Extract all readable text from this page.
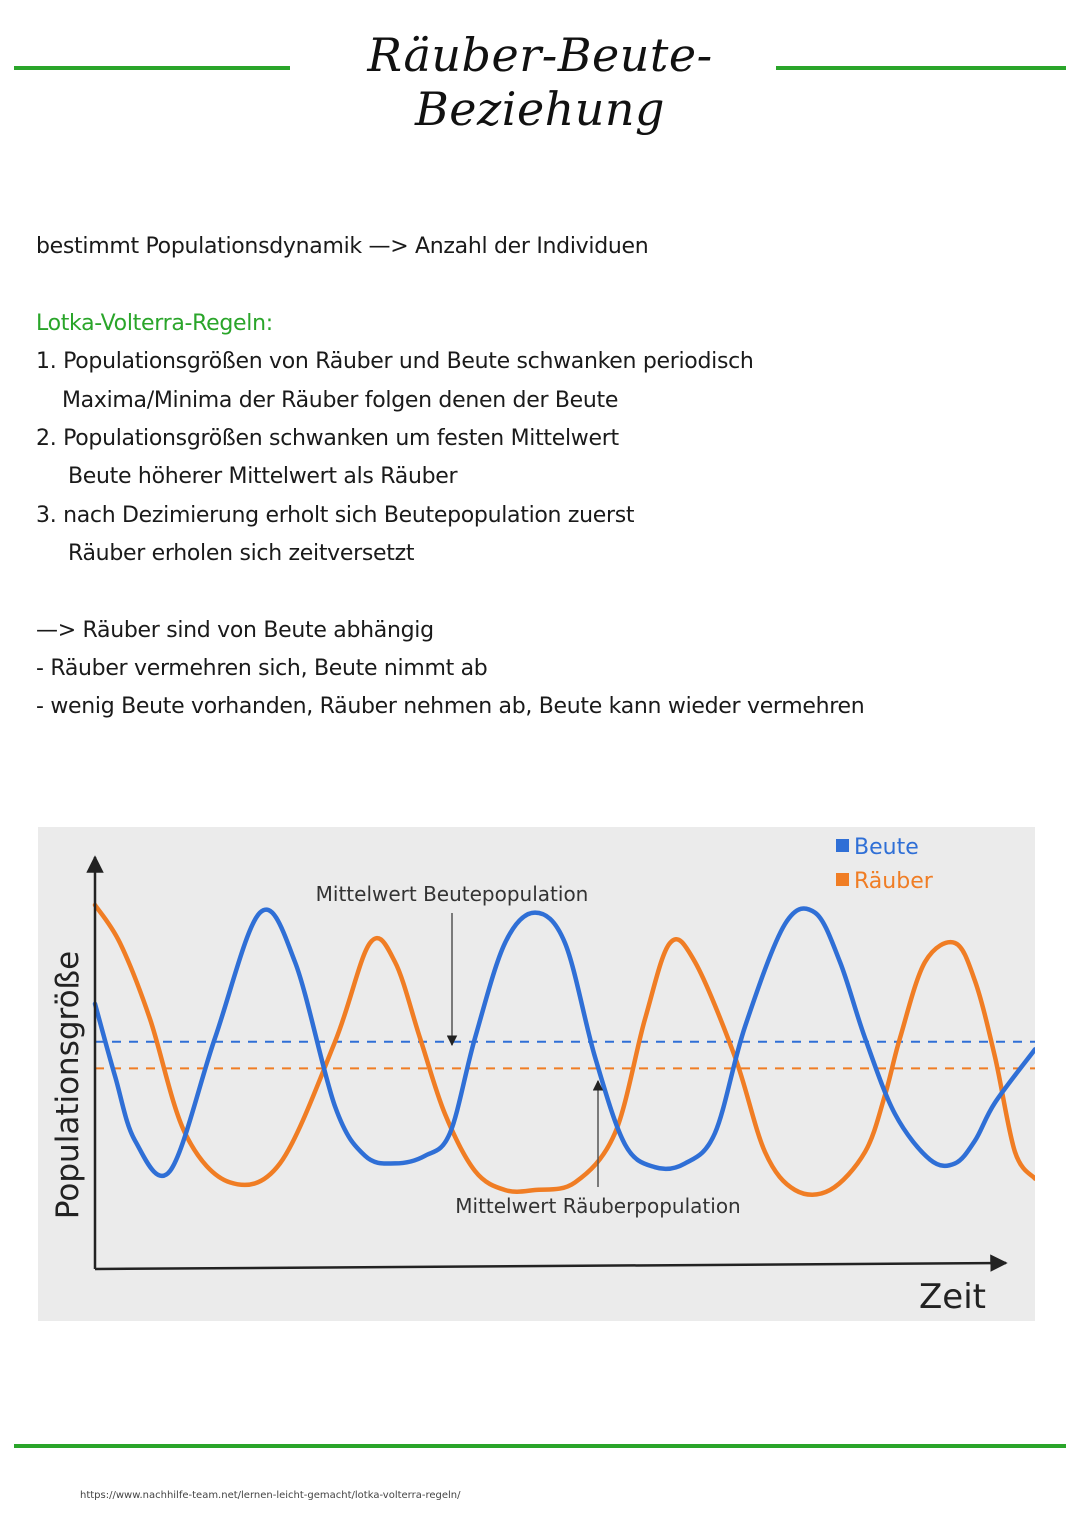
Räuber-Beute-Beziehung
bestimmt Populationsdynamik —> Anzahl der Individuen
Lotka-Volterra-Regeln:
1. Populationsgrößen von Räuber und Beute schwanken periodisch
Maxima/Minima der Räuber folgen denen der Beute
2. Populationsgrößen schwanken um festen Mittelwert
Beute höherer Mittelwert als Räuber
3. nach Dezimierung erholt sich Beutepopulation zuerst
Räuber erholen sich zeitversetzt
—> Räuber sind von Beute abhängig
- Räuber vermehren sich, Beute nimmt ab
- wenig Beute vorhanden, Räuber nehmen ab, Beute kann wieder vermehren
Populationsgröße
Zeit
Beute
Räuber
Mittelwert Beutepopulation
Mittelwert Räuberpopulation
https://www.nachhilfe-team.net/lernen-leicht-gemacht/lotka-volterra-regeln/
